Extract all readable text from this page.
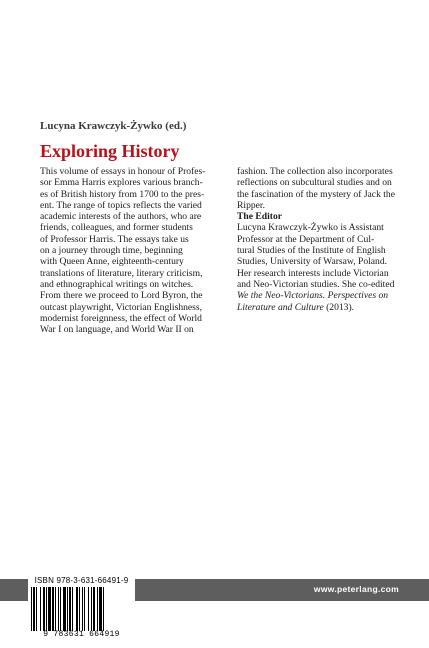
Lucyna Krawczyk-Żywko (ed.)
Exploring History

This volume of essays in honour of Profes-

sor Emma Harris explores various branch-

es of British history from 1700 to the pres-

ent. The range of topics reflects the varied

academic interests of the authors, who are

friends, colleagues, and former students

of Professor Harris. The essays take us

on a journey through time, beginning

with Queen Anne, eighteenth-century

translations of literature, literary criticism,

and ethnographical writings on witches.

From there we proceed to Lord Byron, the

outcast playwright, Victorian Englishness,

modernist foreignness, the effect of World

War I on language, and World War II on

fashion. The collection also incorporates

reflections on subcultural studies and on

the fascination of the mystery of Jack the

Ripper.

The Editor

Lucyna Krawczyk-Żywko is Assistant

Professor at the Department of Cul-

tural Studies of the Institute of English

Studies, University of Warsaw, Poland.

Her research interests include Victorian

and Neo-Victorian studies. She co-edited

We the Neo-Victorians. Perspectives on

Literature and Culture (2013).

www.peterlang.com
ISBN 978-3-631-66491-9
9 783631 664919
